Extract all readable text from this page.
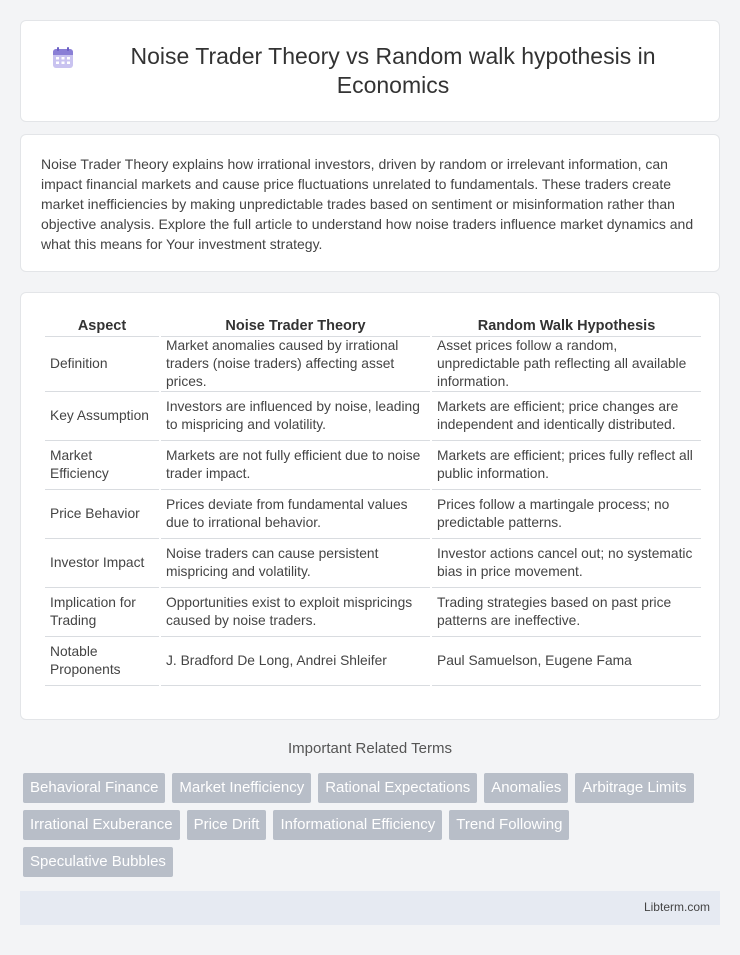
Noise Trader Theory vs Random walk hypothesis in Economics

Noise Trader Theory explains how irrational investors, driven by random or irrelevant information, can impact financial markets and cause price fluctuations unrelated to fundamentals. These traders create market inefficiencies by making unpredictable trades based on sentiment or misinformation rather than objective analysis. Explore the full article to understand how noise traders influence market dynamics and what this means for Your investment strategy.

Aspect	Noise Trader Theory	Random Walk Hypothesis
Definition	Market anomalies caused by irrational traders (noise traders) affecting asset prices.	Asset prices follow a random, unpredictable path reflecting all available information.
Key Assumption	Investors are influenced by noise, leading to mispricing and volatility.	Markets are efficient; price changes are independent and identically distributed.
Market Efficiency	Markets are not fully efficient due to noise trader impact.	Markets are efficient; prices fully reflect all public information.
Price Behavior	Prices deviate from fundamental values due to irrational behavior.	Prices follow a martingale process; no predictable patterns.
Investor Impact	Noise traders can cause persistent mispricing and volatility.	Investor actions cancel out; no systematic bias in price movement.
Implication for Trading	Opportunities exist to exploit mispricings caused by noise traders.	Trading strategies based on past price patterns are ineffective.
Notable Proponents	J. Bradford De Long, Andrei Shleifer	Paul Samuelson, Eugene Fama
Important Related Terms
Behavioral Finance	Market Inefficiency	Rational Expectations	Anomalies	Arbitrage Limits
Irrational Exuberance	Price Drift	Informational Efficiency	Trend Following
Speculative Bubbles
Libterm.com
